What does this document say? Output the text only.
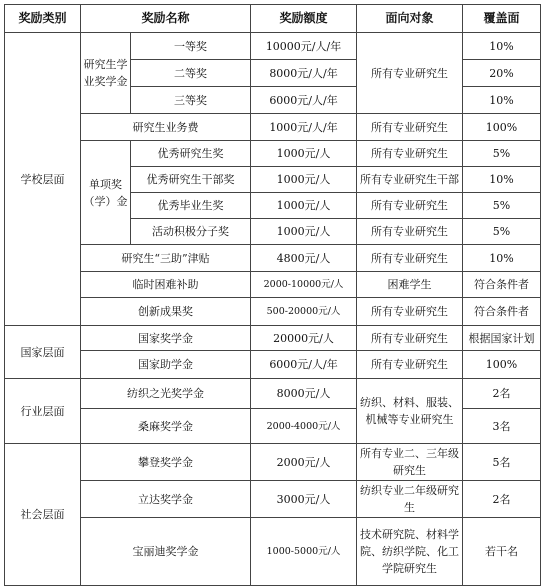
奖励类别	奖励名称		奖励额度	面向对象	覆盖面
学校层面	研究生学业奖学金	一等奖	10000元/人/年	所有专业研究生	10%
		二等奖	8000元/人/年		20%
		三等奖	6000元/人/年		10%
	研究生业务费		1000元/人/年	所有专业研究生	100%
	单项奖（学）金	优秀研究生奖	1000元/人	所有专业研究生	5%
		优秀研究生干部奖	1000元/人	所有专业研究生干部	10%
		优秀毕业生奖	1000元/人	所有专业研究生	5%
		活动积极分子奖	1000元/人	所有专业研究生	5%
	研究生“三助”津贴		4800元/人	所有专业研究生	10%
	临时困难补助		2000-10000元/人	困难学生	符合条件者
	创新成果奖		500-20000元/人	所有专业研究生	符合条件者
国家层面	国家奖学金		20000元/人	所有专业研究生	根据国家计划
	国家助学金		6000元/人/年	所有专业研究生	100%
行业层面	纺织之光奖学金		8000元/人	纺织、材料、服装、机械等专业研究生	2名
	桑麻奖学金		2000-4000元/人		3名
社会层面	攀登奖学金		2000元/人	所有专业二、三年级研究生	5名
	立达奖学金		3000元/人	纺织专业二年级研究生	2名
	宝丽迪奖学金		1000-5000元/人	技术研究院、材料学院、纺织学院、化工学院研究生	若干名
